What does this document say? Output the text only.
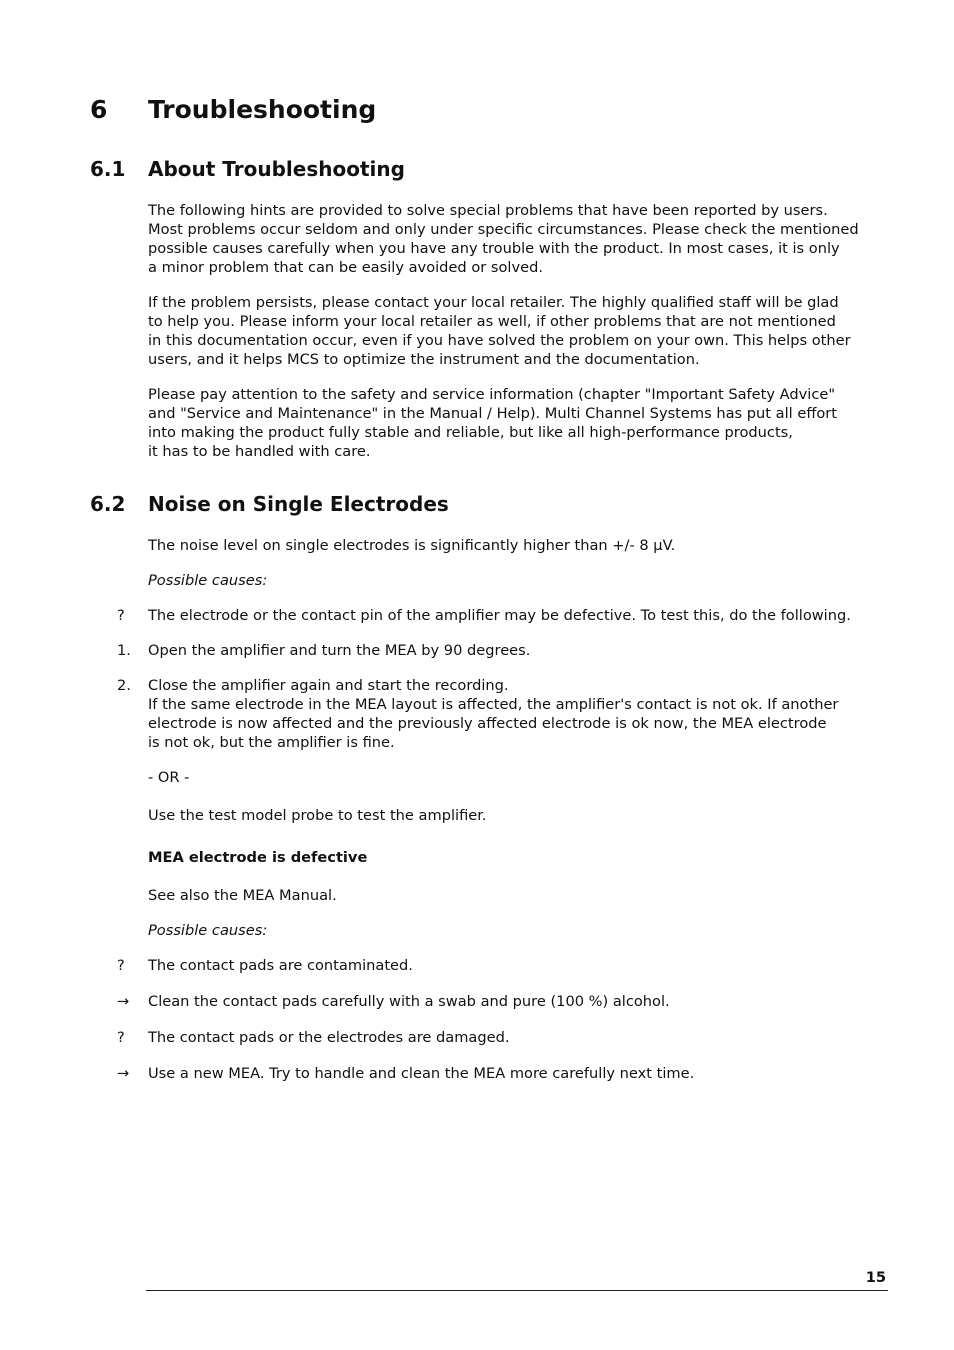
6 Troubleshooting
6.1 About Troubleshooting

The following hints are provided to solve special problems that have been reported by users.
Most problems occur seldom and only under specific circumstances. Please check the mentioned
possible causes carefully when you have any trouble with the product. In most cases, it is only
a minor problem that can be easily avoided or solved.

If the problem persists, please contact your local retailer. The highly qualified staff will be glad
to help you. Please inform your local retailer as well, if other problems that are not mentioned
in this documentation occur, even if you have solved the problem on your own. This helps other
users, and it helps MCS to optimize the instrument and the documentation.

Please pay attention to the safety and service information (chapter "Important Safety Advice"
and "Service and Maintenance" in the Manual / Help). Multi Channel Systems has put all effort
into making the product fully stable and reliable, but like all high-performance products,
it has to be handled with care.

6.2 Noise on Single Electrodes

The noise level on single electrodes is significantly higher than +/- 8 µV.

Possible causes:

?	The electrode or the contact pin of the amplifier may be defective. To test this, do the following.

1.	Open the amplifier and turn the MEA by 90 degrees.

2.	Close the amplifier again and start the recording.
If the same electrode in the MEA layout is affected, the amplifier's contact is not ok. If another
electrode is now affected and the previously affected electrode is ok now, the MEA electrode
is not ok, but the amplifier is fine.

- OR -

Use the test model probe to test the amplifier.

MEA electrode is defective

See also the MEA Manual.

Possible causes:

?	The contact pads are contaminated.

→	Clean the contact pads carefully with a swab and pure (100 %) alcohol.

?	The contact pads or the electrodes are damaged.

→	Use a new MEA. Try to handle and clean the MEA more carefully next time.

15
